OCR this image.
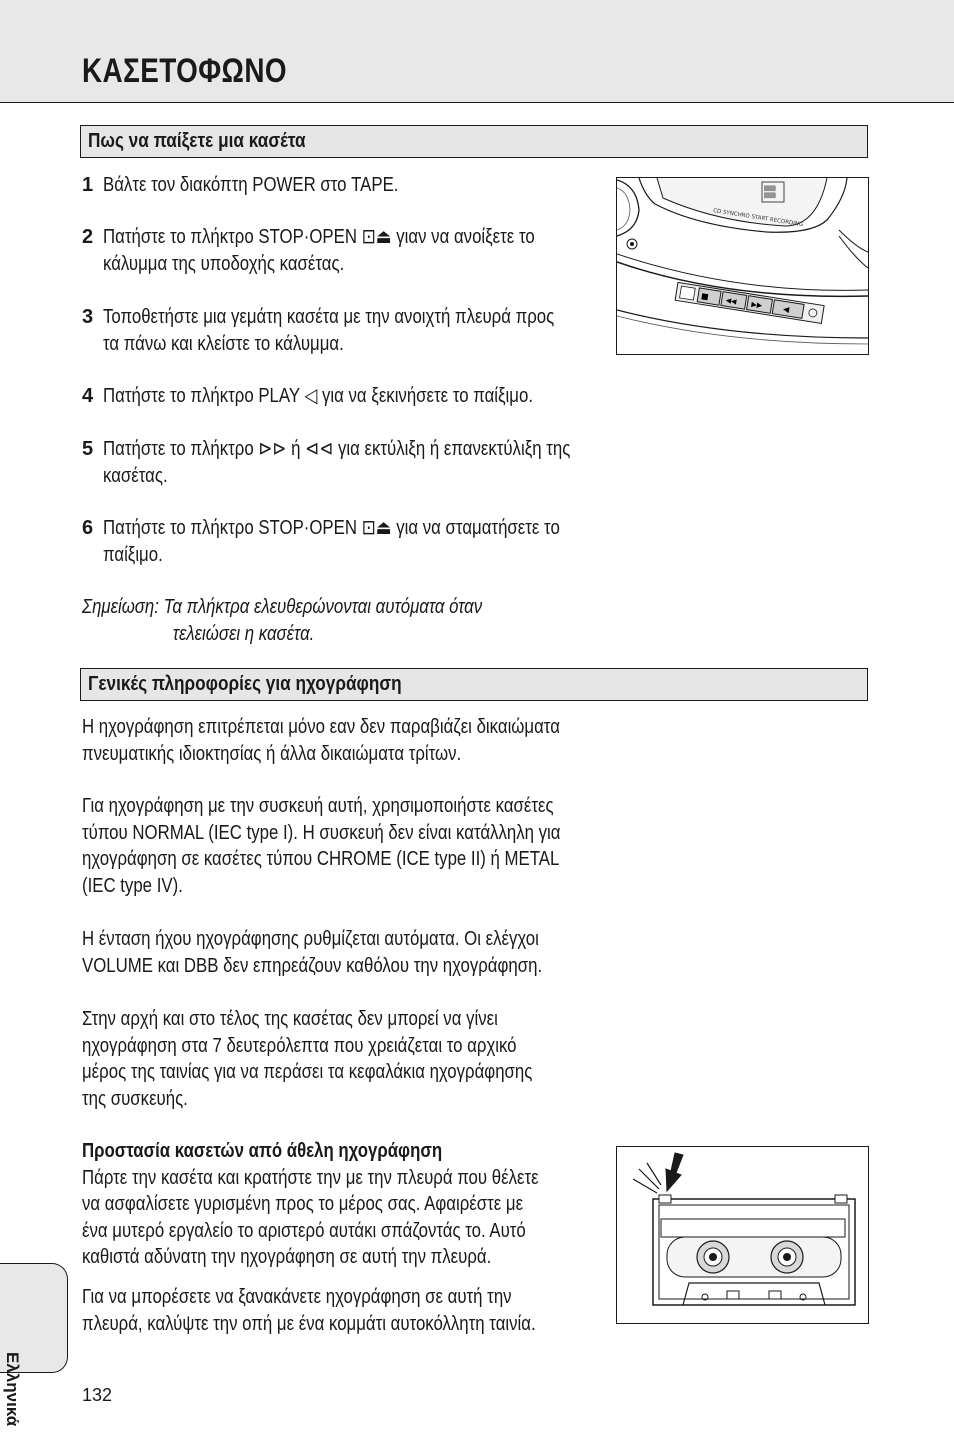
ΚΑΣΕΤΟΦΩΝΟ
Πως να παίξετε μια κασέτα
1 Βάλτε τον διακόπτη POWER στο TAPE.
2 Πατήστε το πλήκτρο STOP·OPEN ⊡⏏ γιαν να ανοίξετε το
κάλυμμα της υποδοχής κασέτας.
3 Τοποθετήστε μια γεμάτη κασέτα με την ανοιχτή πλευρά προς
τα πάνω και κλείστε το κάλυμμα.
4 Πατήστε το πλήκτρο PLAY ◁ για να ξεκινήσετε το παίξιμο.
5 Πατήστε το πλήκτρο ⊳⊳ ή ⊲⊲ για εκτύλιξη ή επανεκτύλιξη της
κασέτας.
6 Πατήστε το πλήκτρο STOP·OPEN ⊡⏏ για να σταματήσετε το
παίξιμο.
Σημείωση: Τα πλήκτρα ελευθερώνονται αυτόματα όταν
τελειώσει η κασέτα.
▒▒▒
▒▒▒
CD SYNCHRO START RECORDING
■ ◀◀ ▶▶ ◀
Γενικές πληροφορίες για ηχογράφηση
Η ηχογράφηση επιτρέπεται μόνο εαν δεν παραβιάζει δικαιώματα
πνευματικής ιδιοκτησίας ή άλλα δικαιώματα τρίτων.
Για ηχογράφηση με την συσκευή αυτή, χρησιμοποιήστε κασέτες
τύπου NORMAL (IEC type I). Η συσκευή δεν είναι κατάλληλη για
ηχογράφηση σε κασέτες τύπου CHROME (ICE type II) ή METAL
(IEC type IV).
Η ένταση ήχου ηχογράφησης ρυθμίζεται αυτόματα. Οι ελέγχοι
VOLUME και DBB δεν επηρεάζουν καθόλου την ηχογράφηση.
Στην αρχή και στο τέλος της κασέτας δεν μπορεί να γίνει
ηχογράφηση στα 7 δευτερόλεπτα που χρειάζεται το αρχικό
μέρος της ταινίας για να περάσει τα κεφαλάκια ηχογράφησης
της συσκευής.
Προστασία κασετών από άθελη ηχογράφηση
Πάρτε την κασέτα και κρατήστε την με την πλευρά που θέλετε
να ασφαλίσετε γυρισμένη προς το μέρος σας. Αφαιρέστε με
ένα μυτερό εργαλείο το αριστερό αυτάκι σπάζοντάς το. Αυτό
καθιστά αδύνατη την ηχογράφηση σε αυτή την πλευρά.
Για να μπορέσετε να ξανακάνετε ηχογράφηση σε αυτή την
πλευρά, καλύψτε την οπή με ένα κομμάτι αυτοκόλλητη ταινία.
Ελληνικά	132
